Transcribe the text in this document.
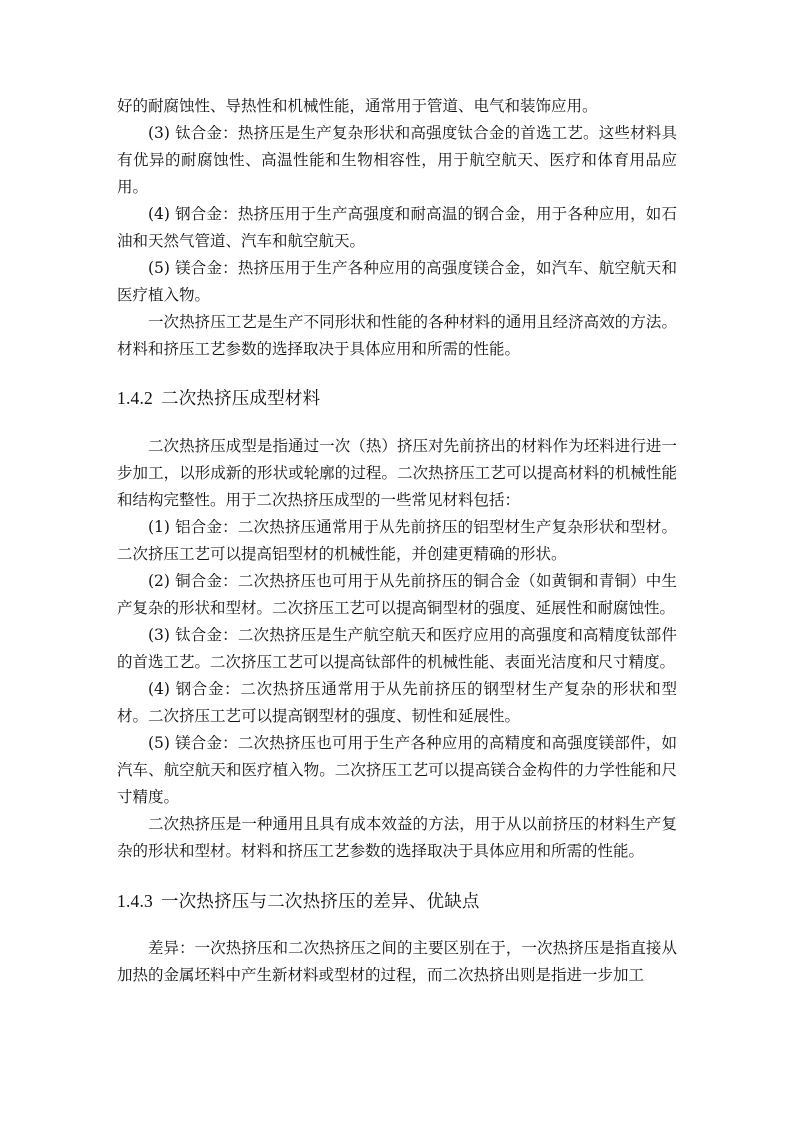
好的耐腐蚀性、导热性和机械性能，通常用于管道、电气和装饰应用。

(3) 钛合金：热挤压是生产复杂形状和高强度钛合金的首选工艺。这些材料具有优异的耐腐蚀性、高温性能和生物相容性，用于航空航天、医疗和体育用品应用。

(4) 钢合金：热挤压用于生产高强度和耐高温的钢合金，用于各种应用，如石油和天然气管道、汽车和航空航天。

(5) 镁合金：热挤压用于生产各种应用的高强度镁合金，如汽车、航空航天和医疗植入物。

一次热挤压工艺是生产不同形状和性能的各种材料的通用且经济高效的方法。材料和挤压工艺参数的选择取决于具体应用和所需的性能。

1.4.2 二次热挤压成型材料

二次热挤压成型是指通过一次（热）挤压对先前挤出的材料作为坯料进行进一步加工，以形成新的形状或轮廓的过程。二次热挤压工艺可以提高材料的机械性能和结构完整性。用于二次热挤压成型的一些常见材料包括：

(1) 铝合金：二次热挤压通常用于从先前挤压的铝型材生产复杂形状和型材。二次挤压工艺可以提高铝型材的机械性能，并创建更精确的形状。

(2) 铜合金：二次热挤压也可用于从先前挤压的铜合金（如黄铜和青铜）中生产复杂的形状和型材。二次挤压工艺可以提高铜型材的强度、延展性和耐腐蚀性。

(3) 钛合金：二次热挤压是生产航空航天和医疗应用的高强度和高精度钛部件的首选工艺。二次挤压工艺可以提高钛部件的机械性能、表面光洁度和尺寸精度。

(4) 钢合金：二次热挤压通常用于从先前挤压的钢型材生产复杂的形状和型材。二次挤压工艺可以提高钢型材的强度、韧性和延展性。

(5) 镁合金：二次热挤压也可用于生产各种应用的高精度和高强度镁部件，如汽车、航空航天和医疗植入物。二次挤压工艺可以提高镁合金构件的力学性能和尺寸精度。

二次热挤压是一种通用且具有成本效益的方法，用于从以前挤压的材料生产复杂的形状和型材。材料和挤压工艺参数的选择取决于具体应用和所需的性能。

1.4.3 一次热挤压与二次热挤压的差异、优缺点

差异：一次热挤压和二次热挤压之间的主要区别在于，一次热挤压是指直接从加热的金属坯料中产生新材料或型材的过程，而二次热挤出则是指进一步加工
